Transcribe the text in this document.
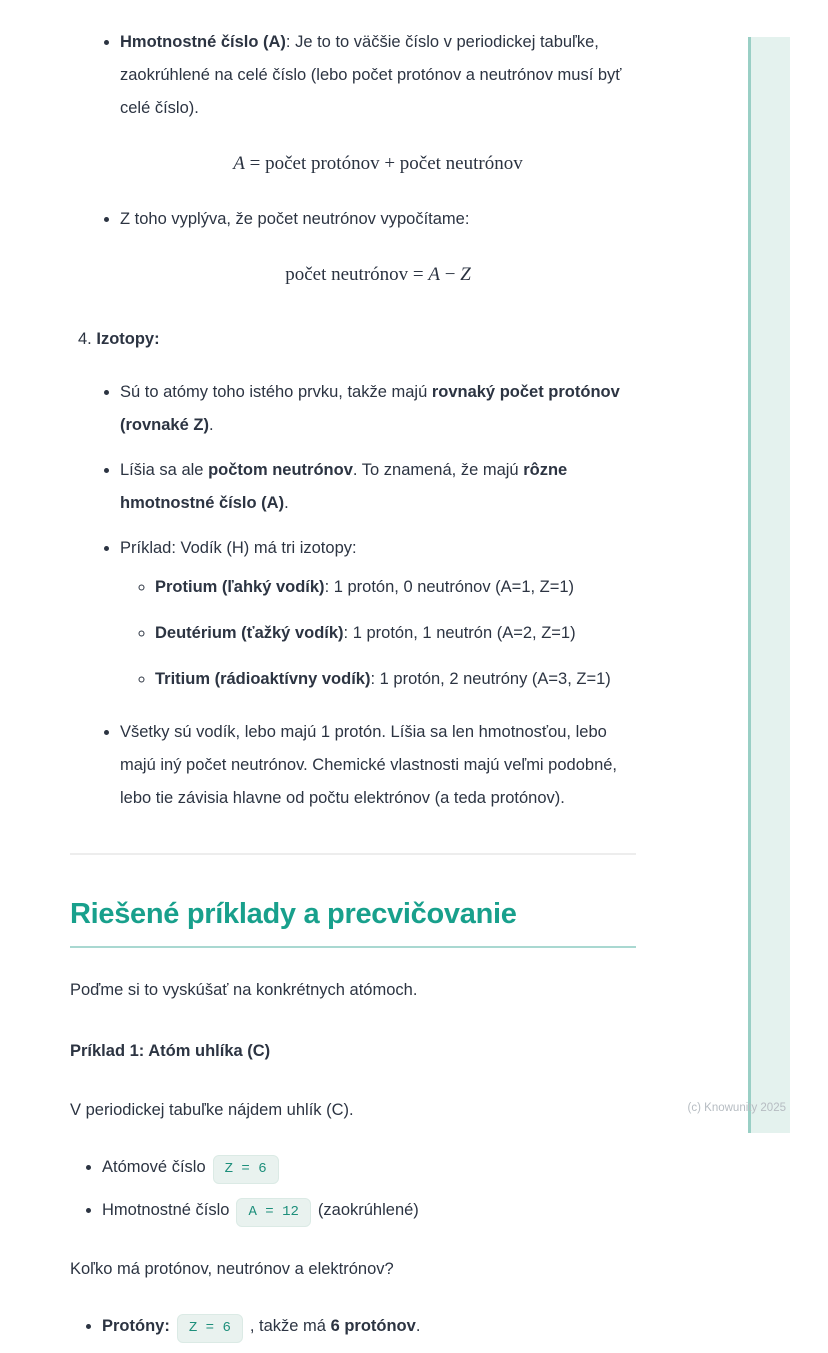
• Hmotnostné číslo (A): Je to to väčšie číslo v periodickej tabuľke, zaokrúhlené na celé číslo (lebo počet protónov a neutrónov musí byť celé číslo).
A = počet protónov + počet neutrónov
• Z toho vyplýva, že počet neutrónov vypočítame:
počet neutrónov = A − Z
4. Izotopy:
• Sú to atómy toho istého prvku, takže majú rovnaký počet protónov (rovnaké Z).
• Líšia sa ale počtom neutrónov. To znamená, že majú rôzne hmotnostné číslo (A).
• Príklad: Vodík (H) má tri izotopy:
◦ Protium (ľahký vodík): 1 protón, 0 neutrónov (A=1, Z=1)
◦ Deutérium (ťažký vodík): 1 protón, 1 neutrón (A=2, Z=1)
◦ Tritium (rádioaktívny vodík): 1 protón, 2 neutróny (A=3, Z=1)
• Všetky sú vodík, lebo majú 1 protón. Líšia sa len hmotnosťou, lebo majú iný počet neutrónov. Chemické vlastnosti majú veľmi podobné, lebo tie závisia hlavne od počtu elektrónov (a teda protónov).
Riešené príklady a precvičovanie

Poďme si to vyskúšať na konkrétnych atómoch.

Príklad 1: Atóm uhlíka (C)

V periodickej tabuľke nájdem uhlík (C).

• Atómové číslo Z = 6
• Hmotnostné číslo A = 12 (zaokrúhlené)

Koľko má protónov, neutrónov a elektrónov?

• Protóny: Z = 6 , takže má 6 protónov.
(c) Knowunity 2025
